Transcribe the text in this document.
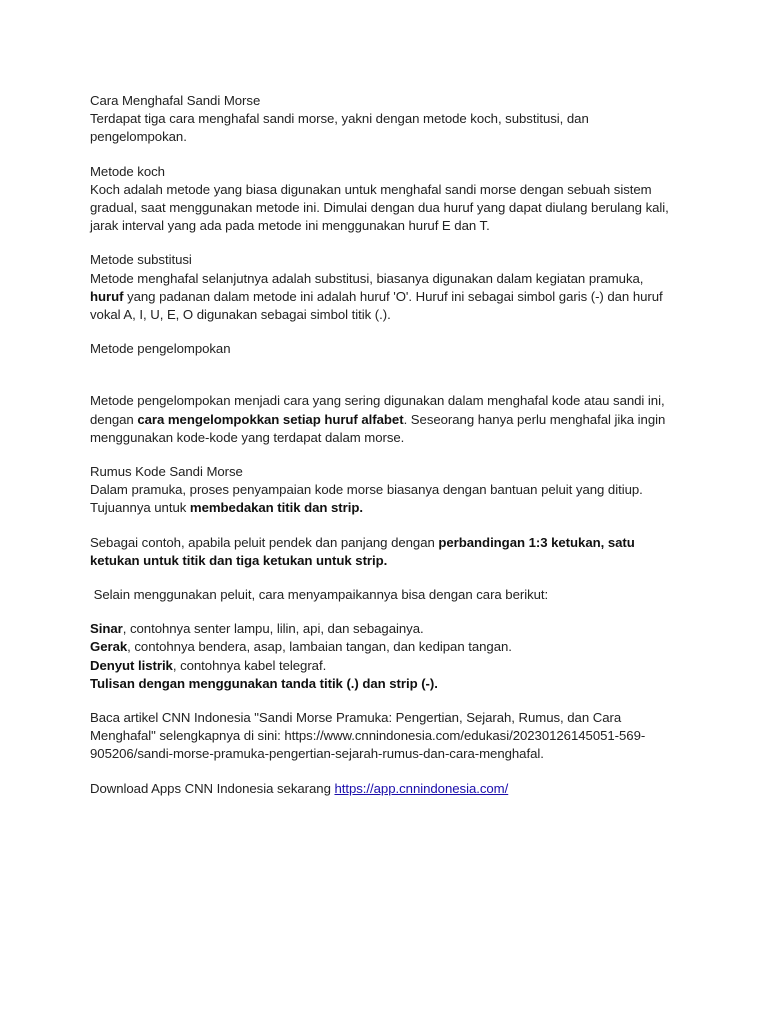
Cara Menghafal Sandi Morse
Terdapat tiga cara menghafal sandi morse, yakni dengan metode koch, substitusi, dan
pengelompokan.
Metode koch
Koch adalah metode yang biasa digunakan untuk menghafal sandi morse dengan sebuah sistem
gradual, saat menggunakan metode ini. Dimulai dengan dua huruf yang dapat diulang berulang kali,
jarak interval yang ada pada metode ini menggunakan huruf E dan T.
Metode substitusi
Metode menghafal selanjutnya adalah substitusi, biasanya digunakan dalam kegiatan pramuka,
huruf yang padanan dalam metode ini adalah huruf 'O'. Huruf ini sebagai simbol garis (-) dan huruf
vokal A, I, U, E, O digunakan sebagai simbol titik (.).
Metode pengelompokan
Metode pengelompokan menjadi cara yang sering digunakan dalam menghafal kode atau sandi ini,
dengan cara mengelompokkan setiap huruf alfabet. Seseorang hanya perlu menghafal jika ingin
menggunakan kode-kode yang terdapat dalam morse.
Rumus Kode Sandi Morse
Dalam pramuka, proses penyampaian kode morse biasanya dengan bantuan peluit yang ditiup.
Tujuannya untuk membedakan titik dan strip.
Sebagai contoh, apabila peluit pendek dan panjang dengan perbandingan 1:3 ketukan, satu
ketukan untuk titik dan tiga ketukan untuk strip.
Selain menggunakan peluit, cara menyampaikannya bisa dengan cara berikut:
Sinar, contohnya senter lampu, lilin, api, dan sebagainya.
Gerak, contohnya bendera, asap, lambaian tangan, dan kedipan tangan.
Denyut listrik, contohnya kabel telegraf.
Tulisan dengan menggunakan tanda titik (.) dan strip (-).
Baca artikel CNN Indonesia "Sandi Morse Pramuka: Pengertian, Sejarah, Rumus, dan Cara
Menghafal" selengkapnya di sini: https://www.cnnindonesia.com/edukasi/20230126145051-569-
905206/sandi-morse-pramuka-pengertian-sejarah-rumus-dan-cara-menghafal.
Download Apps CNN Indonesia sekarang https://app.cnnindonesia.com/
